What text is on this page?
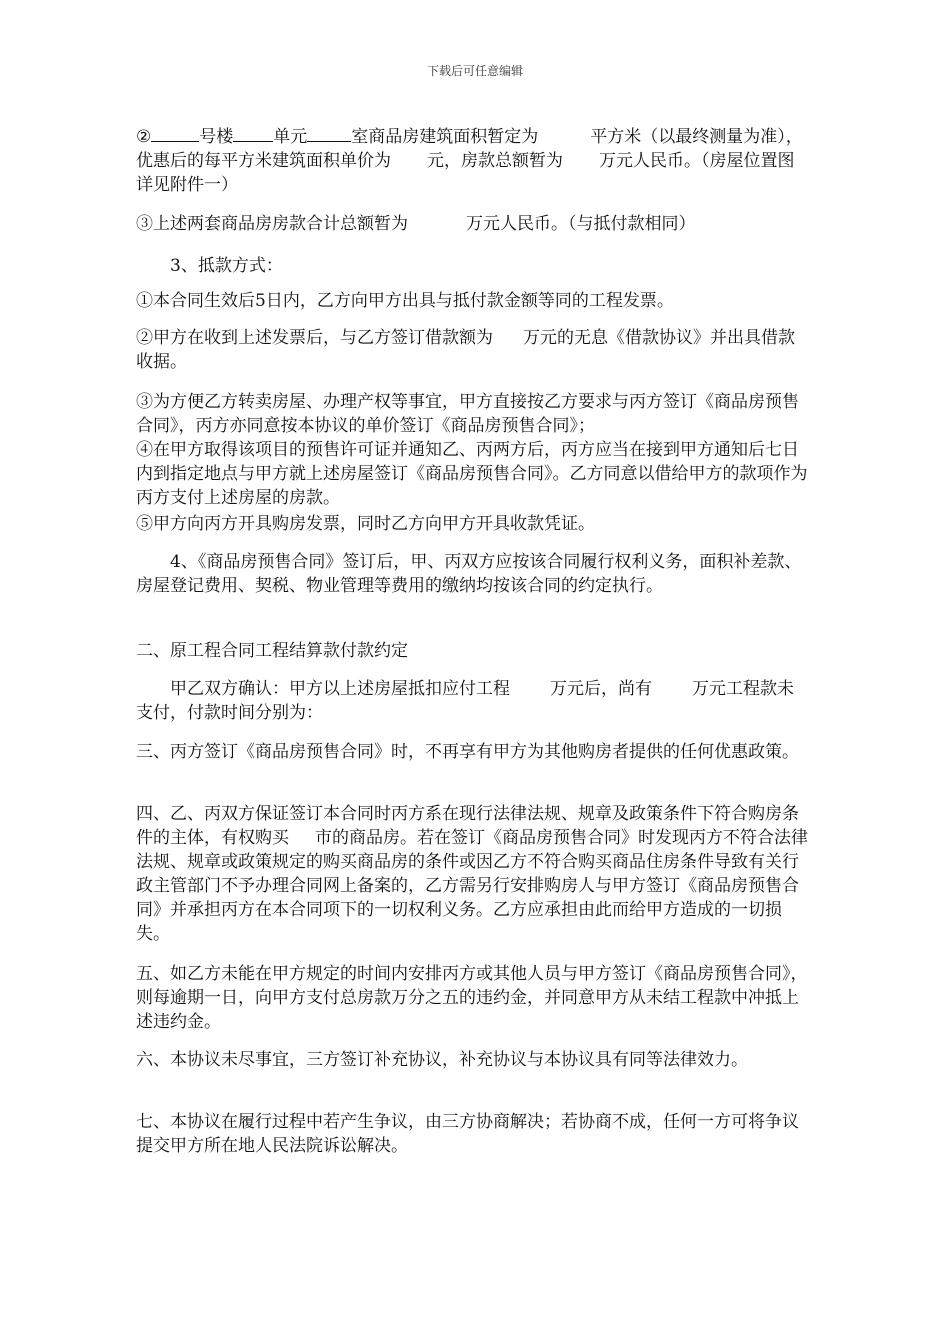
下载后可任意编辑
②	号楼 单元	室商品房建筑面积暂定为	平方米（以最终测量为准），优惠后的每平方米建筑面积单价为 元，房款总额暂为 万元人民币。（房屋位置图详见附件一）
③上述两套商品房房款合计总额暂为	万元人民币。（与抵付款相同）
3、抵款方式：
①本合同生效后5日内，乙方向甲方出具与抵付款金额等同的工程发票。
②甲方在收到上述发票后，与乙方签订借款额为 万元的无息《借款协议》并出具借款收据。
③为方便乙方转卖房屋、办理产权等事宜，甲方直接按乙方要求与丙方签订《商品房预售合同》，丙方亦同意按本协议的单价签订《商品房预售合同》；
④在甲方取得该项目的预售许可证并通知乙、丙两方后，丙方应当在接到甲方通知后七日内到指定地点与甲方就上述房屋签订《商品房预售合同》。乙方同意以借给甲方的款项作为丙方支付上述房屋的房款。
⑤甲方向丙方开具购房发票，同时乙方向甲方开具收款凭证。
4、《商品房预售合同》签订后，甲、丙双方应按该合同履行权利义务，面积补差款、房屋登记费用、契税、物业管理等费用的缴纳均按该合同的约定执行。
二、原工程合同工程结算款付款约定
甲乙双方确认：甲方以上述房屋抵扣应付工程 万元后，尚有 万元工程款未支付，付款时间分别为：
三、丙方签订《商品房预售合同》时，不再享有甲方为其他购房者提供的任何优惠政策。
四、乙、丙双方保证签订本合同时丙方系在现行法律法规、规章及政策条件下符合购房条件的主体，有权购买 市的商品房。若在签订《商品房预售合同》时发现丙方不符合法律法规、规章或政策规定的购买商品房的条件或因乙方不符合购买商品住房条件导致有关行政主管部门不予办理合同网上备案的，乙方需另行安排购房人与甲方签订《商品房预售合同》并承担丙方在本合同项下的一切权利义务。乙方应承担由此而给甲方造成的一切损失。
五、如乙方未能在甲方规定的时间内安排丙方或其他人员与甲方签订《商品房预售合同》，则每逾期一日，向甲方支付总房款万分之五的违约金，并同意甲方从未结工程款中冲抵上述违约金。
六、本协议未尽事宜，三方签订补充协议，补充协议与本协议具有同等法律效力。
七、本协议在履行过程中若产生争议，由三方协商解决；若协商不成，任何一方可将争议提交甲方所在地人民法院诉讼解决。
